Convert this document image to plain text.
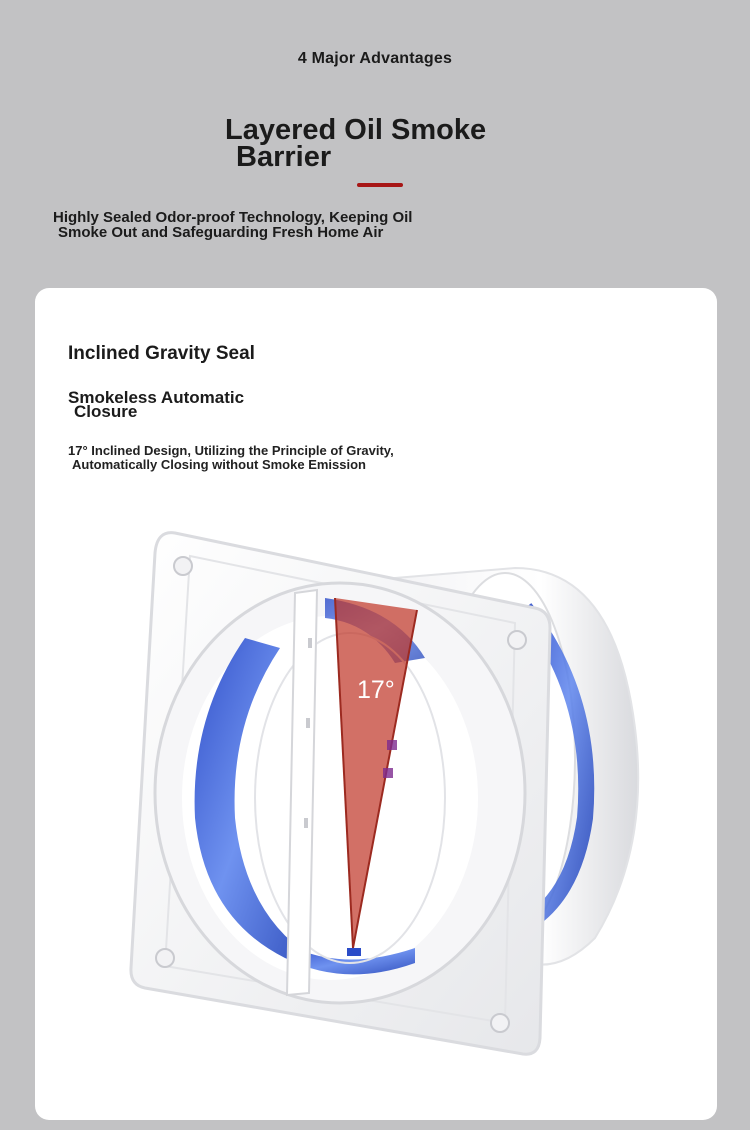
4 Major Advantages
Layered Oil Smoke
Barrier
Highly Sealed Odor-proof Technology, Keeping Oil
Smoke Out and Safeguarding Fresh Home Air
Inclined Gravity Seal
Smokeless Automatic
Closure
17° Inclined Design, Utilizing the Principle of Gravity,
Automatically Closing without Smoke Emission
17°
